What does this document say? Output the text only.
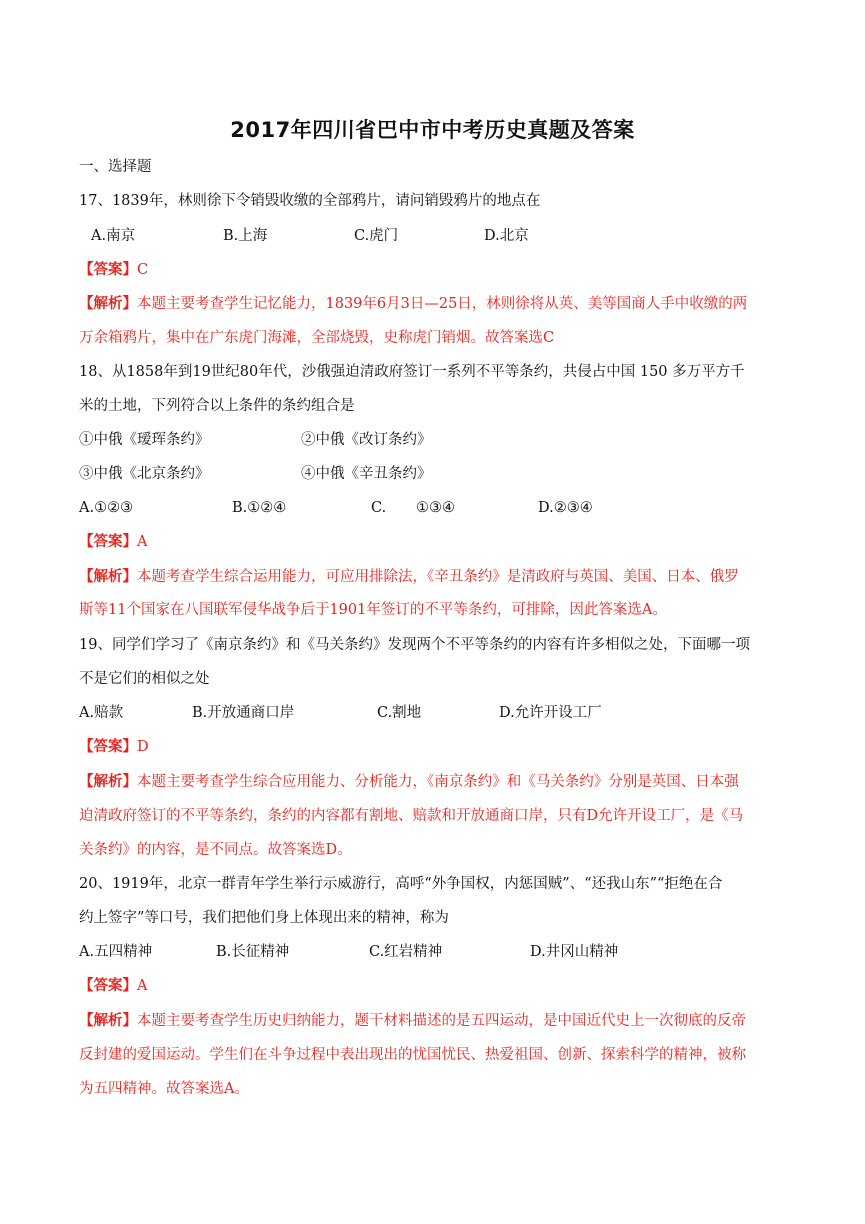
2017年四川省巴中市中考历史真题及答案
一、选择题
17、1839年，林则徐下令销毁收缴的全部鸦片，请问销毁鸦片的地点在
A.南京	B.上海	C.虎门	D.北京
【答案】C
【解析】本题主要考查学生记忆能力，1839年6月3日—25日，林则徐将从英、美等国商人手中收缴的两
万余箱鸦片，集中在广东虎门海滩，全部烧毁，史称虎门销烟。故答案选C
18、从1858年到19世纪80年代，沙俄强迫清政府签订一系列不平等条约，共侵占中国 150 多万平方千
米的土地，下列符合以上条件的条约组合是
①中俄《瑷珲条约》	②中俄《改订条约》
③中俄《北京条约》	④中俄《辛丑条约》
A.①②③	B.①②④	C. ①③④	D.②③④
【答案】A
【解析】本题考查学生综合运用能力，可应用排除法，《辛丑条约》是清政府与英国、美国、日本、俄罗
斯等11个国家在八国联军侵华战争后于1901年签订的不平等条约，可排除，因此答案选A。
19、同学们学习了《南京条约》和《马关条约》发现两个不平等条约的内容有许多相似之处，下面哪一项
不是它们的相似之处
A.赔款	B.开放通商口岸	C.割地	D.允许开设工厂
【答案】D
【解析】本题主要考查学生综合应用能力、分析能力，《南京条约》和《马关条约》分别是英国、日本强
迫清政府签订的不平等条约，条约的内容都有割地、赔款和开放通商口岸，只有D允许开设工厂，是《马
关条约》的内容，是不同点。故答案选D。
20、1919年，北京一群青年学生举行示威游行，高呼“外争国权，内惩国贼”、“还我山东”“拒绝在合
约上签字”等口号，我们把他们身上体现出来的精神，称为
A.五四精神	B.长征精神	C.红岩精神	D.井冈山精神
【答案】A
【解析】本题主要考查学生历史归纳能力，题干材料描述的是五四运动，是中国近代史上一次彻底的反帝
反封建的爱国运动。学生们在斗争过程中表出现出的忧国忧民、热爱祖国、创新、探索科学的精神，被称
为五四精神。故答案选A。
